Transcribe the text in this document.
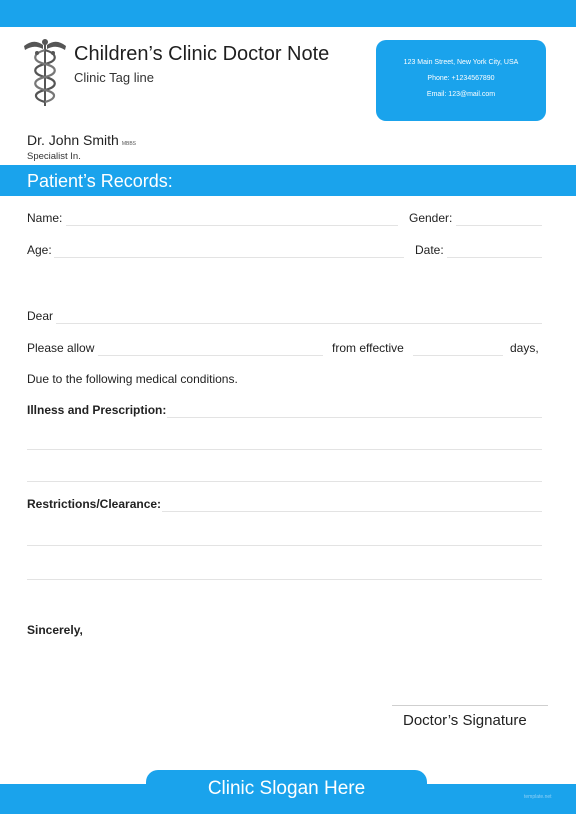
Children’s Clinic Doctor Note
Clinic Tag line
123 Main Street, New York City, USA
Phone: +1234567890
Email: 123@mail.com
Dr. John Smith MBBS
Specialist In.
Patient’s Records:
Name:	Gender:
Age:	Date:
Dear
Please allow	from effective	days,
Due to the following medical conditions.
Illness and Prescription:
Restrictions/Clearance:
Sincerely,
Doctor’s Signature
Clinic Slogan Here	template.net
